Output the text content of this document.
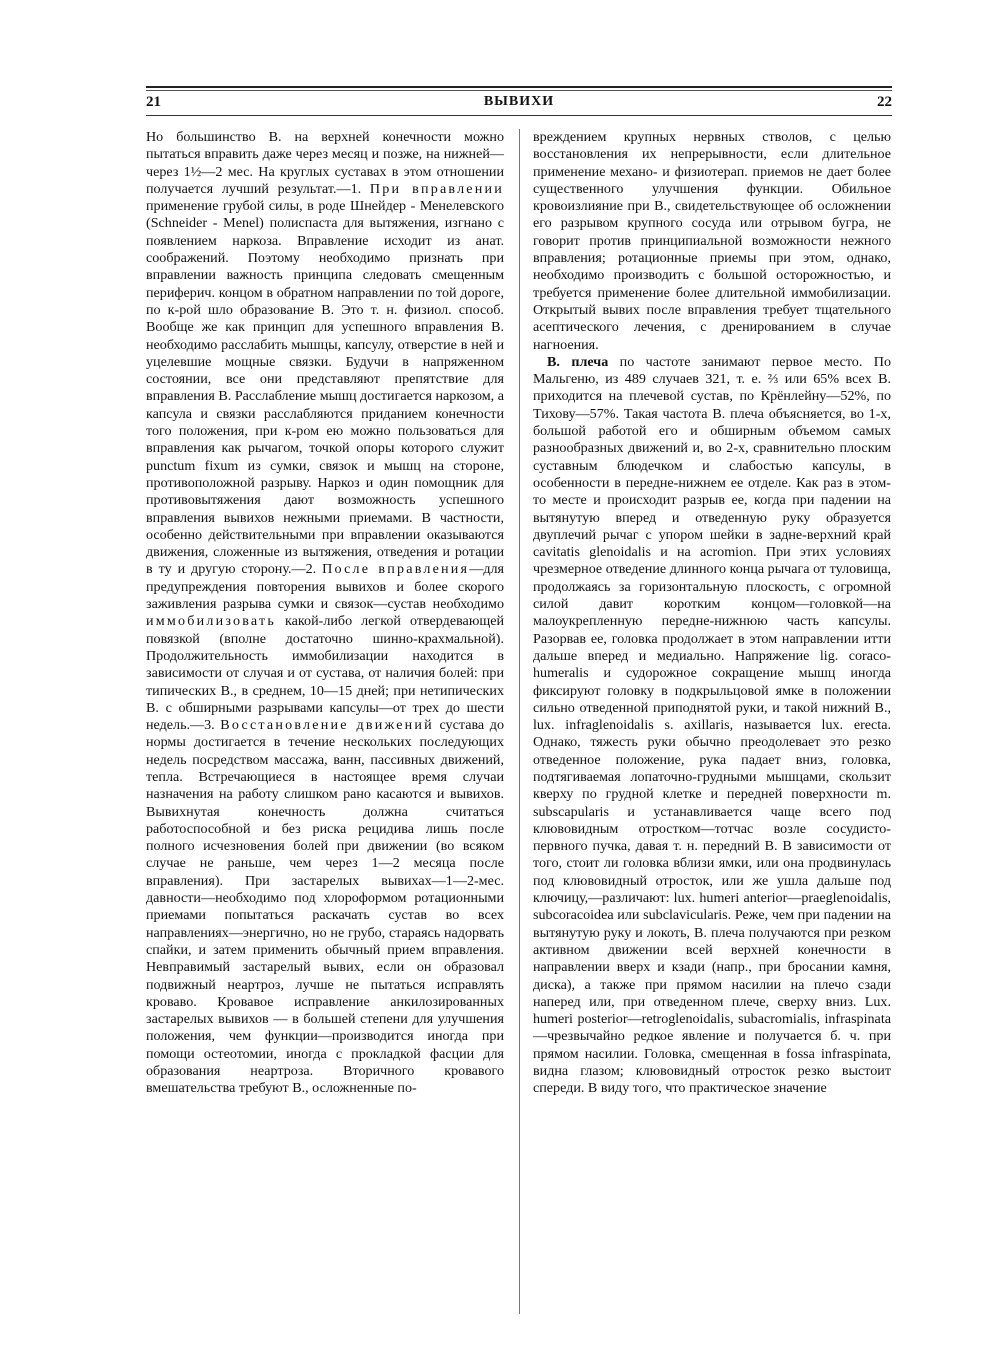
21	ВЫВИХИ	22

Но большинство В. на верхней конечности можно пытаться вправить даже через месяц и позже, на нижней—через 1½—2 мес. На круглых суставах в этом отношении получается лучший результат.—1. При вправлении применение грубой силы, в роде Шнейдер - Менелевского (Schneider - Menel) полиспаста для вытяжения, изгнано с появлением наркоза. Вправление исходит из анат. соображений. Поэтому необходимо признать при вправлении важность принципа следовать смещенным периферич. концом в обратном направлении по той дороге, по к-рой шло образование В. Это т. н. физиол. способ. Вообще же как принцип для успешного вправления В. необходимо расслабить мышцы, капсулу, отверстие в ней и уцелевшие мощные связки. Будучи в напряженном состоянии, все они представляют препятствие для вправления В. Расслабление мышц достигается наркозом, а капсула и связки расслабляются приданием конечности того положения, при к-ром ею можно пользоваться для вправления как рычагом, точкой опоры которого служит punctum fixum из сумки, связок и мышц на стороне, противоположной разрыву. Наркоз и один помощник для противовытяжения дают возможность успешного вправления вывихов нежными приемами. В частности, особенно действительными при вправлении оказываются движения, сложенные из вытяжения, отведения и ротации в ту и другую сторону.—2. После вправления—для предупреждения повторения вывихов и более скорого заживления разрыва сумки и связок—сустав необходимо иммобилизовать какой-либо легкой отвердевающей повязкой (вполне достаточно шинно-крахмальной). Продолжительность иммобилизации находится в зависимости от случая и от сустава, от наличия болей: при типических В., в среднем, 10—15 дней; при нетипических В. с обширными разрывами капсулы—от трех до шести недель.—3. Восстановление движений сустава до нормы достигается в течение нескольких последующих недель посредством массажа, ванн, пассивных движений, тепла. Встречающиеся в настоящее время случаи назначения на работу слишком рано касаются и вывихов. Вывихнутая конечность должна считаться работоспособной и без риска рецидива лишь после полного исчезновения болей при движении (во всяком случае не раньше, чем через 1—2 месяца после вправления). При застарелых вывихах—1—2-мес. давности—необходимо под хлороформом ротационными приемами попытаться раскачать сустав во всех направлениях—энергично, но не грубо, стараясь надорвать спайки, и затем применить обычный прием вправления. Невправимый застарелый вывих, если он образовал подвижный неартроз, лучше не пытаться исправлять кроваво. Кровавое исправление анкилозированных застарелых вывихов — в большей степени для улучшения положения, чем функции—производится иногда при помощи остеотомии, иногда с прокладкой фасции для образования неартроза. Вторичного кровавого вмешательства требуют В., осложненные по-

вреждением крупных нервных стволов, с целью восстановления их непрерывности, если длительное применение механо- и физиотерап. приемов не дает более существенного улучшения функции. Обильное кровоизлияние при В., свидетельствующее об осложнении его разрывом крупного сосуда или отрывом бугра, не говорит против принципиальной возможности нежного вправления; ротационные приемы при этом, однако, необходимо производить с большой осторожностью, и требуется применение более длительной иммобилизации. Открытый вывих после вправления требует тщательного асептического лечения, с дренированием в случае нагноения.

В. плеча по частоте занимают первое место. По Мальгеню, из 489 случаев 321, т. е. ⅔ или 65% всех В. приходится на плечевой сустав, по Крёнлейну—52%, по Тихову—57%. Такая частота В. плеча объясняется, во 1-х, большой работой его и обширным объемом самых разнообразных движений и, во 2-х, сравнительно плоским суставным блюдечком и слабостью капсулы, в особенности в передне-нижнем ее отделе. Как раз в этом-то месте и происходит разрыв ее, когда при падении на вытянутую вперед и отведенную руку образуется двуплечий рычаг с упором шейки в задне-верхний край cavitatis glenoidalis и на acromion. При этих условиях чрезмерное отведение длинного конца рычага от туловища, продолжаясь за горизонтальную плоскость, с огромной силой давит коротким концом—головкой—на малоукрепленную передне-нижнюю часть капсулы. Разорвав ее, головка продолжает в этом направлении итти дальше вперед и медиально. Напряжение lig. coraco-humeralis и судорожное сокращение мышц иногда фиксируют головку в подкрыльцовой ямке в положении сильно отведенной приподнятой руки, и такой нижний В., lux. infraglenoidalis s. axillaris, называется lux. erecta. Однако, тяжесть руки обычно преодолевает это резко отведенное положение, рука падает вниз, головка, подтягиваемая лопаточно-грудными мышцами, скользит кверху по грудной клетке и передней поверхности m. subscapularis и устанавливается чаще всего под клювовидным отростком—тотчас возле сосудисто-первного пучка, давая т. н. передний В. В зависимости от того, стоит ли головка вблизи ямки, или она продвинулась под клювовидный отросток, или же ушла дальше под ключицу,—различают: lux. humeri anterior—praeglenoidalis, subcoracoidea или subclavicularis. Реже, чем при падении на вытянутую руку и локоть, В. плеча получаются при резком активном движении всей верхней конечности в направлении вверх и кзади (напр., при бросании камня, диска), а также при прямом насилии на плечо сзади наперед или, при отведенном плече, сверху вниз. Lux. humeri posterior—retroglenoidalis, subacromialis, infraspinata—чрезвычайно редкое явление и получается б. ч. при прямом насилии. Головка, смещенная в fossa infraspinata, видна глазом; клювовидный отросток резко выстоит спереди. В виду того, что практическое значение
